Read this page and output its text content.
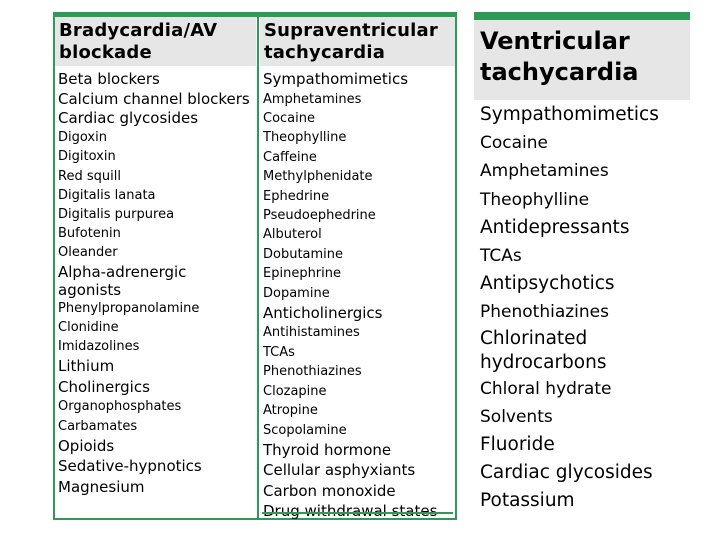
Bradycardia/AV
blockade
Supraventricular
tachycardia
Beta blockers
Calcium channel blockers
Cardiac glycosides
Digoxin
Digitoxin
Red squill
Digitalis lanata
Digitalis purpurea
Bufotenin
Oleander
Alpha-adrenergic agonists
Phenylpropanolamine
Clonidine
Imidazolines
Lithium
Cholinergics
Organophosphates
Carbamates
Opioids
Sedative-hypnotics
Magnesium
Sympathomimetics
Amphetamines
Cocaine
Theophylline
Caffeine
Methylphenidate
Ephedrine
Pseudoephedrine
Albuterol
Dobutamine
Epinephrine
Dopamine
Anticholinergics
Antihistamines
TCAs
Phenothiazines
Clozapine
Atropine
Scopolamine
Thyroid hormone
Cellular asphyxiants
Carbon monoxide
Ventricular
tachycardia
Sympathomimetics
Cocaine
Amphetamines
Theophylline
Antidepressants
TCAs
Antipsychotics
Phenothiazines
Chlorinated hydrocarbons
Chloral hydrate
Solvents
Fluoride
Cardiac glycosides
Potassium
